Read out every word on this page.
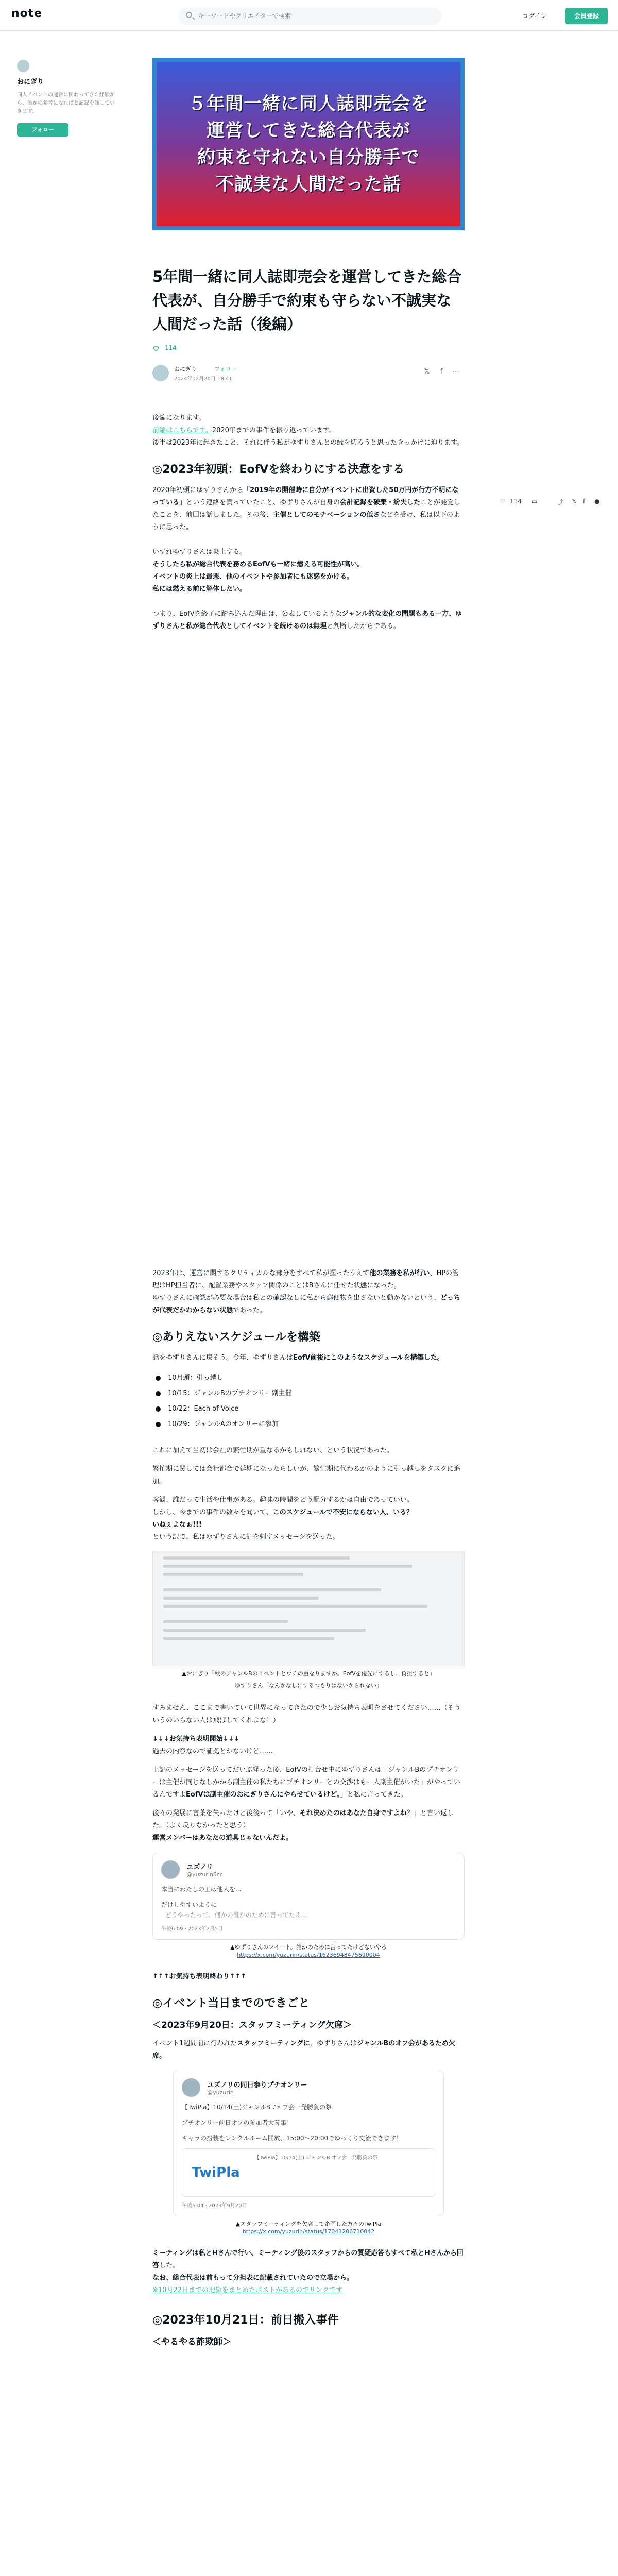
note
キーワードやクリエイターで検索	ログイン	会員登録
おにぎり
同人イベントの運営に関わってきた経験から、誰かの参考になればと記録を残していきます。
フォロー
５年間一緒に同人誌即売会を
運営してきた総合代表が
約束を守れない自分勝手で
不誠実な人間だった話
5年間一緒に同人誌即売会を運営してきた総合代表が、自分勝手で約束も守らない不誠実な人間だった話（後編）
114
おにぎり	フォロー
2024年12月20日 18:41
𝕏	f	⋯
♡ 114 ▭	⤴ 𝕏 f ●

後編になります。

前編はこちらです。2020年までの事件を振り返っています。

後半は2023年に起きたこと、それに伴う私がゆずりさんとの縁を切ろうと思ったきっかけに迫ります。

◎2023年初頭：EofVを終わりにする決意をする

2020年初頭にゆずりさんから「2019年の開催時に自分がイベントに出資した50万円が行方不明になっている」という連絡を貰っていたこと、ゆずりさんが自身の会計記録を破棄・紛失したことが発覚したことを、前回は話しました。その後、主催としてのモチベーションの低さなどを受け、私は以下のように思った。

いずれゆずりさんは炎上する。

そうしたら私が総合代表を務めるEofVも一緒に燃える可能性が高い。

イベントの炎上は最悪、他のイベントや参加者にも迷惑をかける。

私には燃える前に解体したい。

つまり、EofVを終了に踏み込んだ理由は、公表しているようなジャンル的な変化の問題もある一方、ゆずりさんと私が総合代表としてイベントを続けるのは無理と判断したからである。

2023年は、運営に関するクリティカルな部分をすべて私が握ったうえで他の業務を私が行い、HPの管理はHP担当者に、配置業務やスタッフ関係のことはBさんに任せた状態になった。

ゆずりさんに確認が必要な場合は私との確認なしに私から郵便物を出さないと動かないという、どっちが代表だかわからない状態であった。

◎ありえないスケジュールを構築

話をゆずりさんに戻そう。今年、ゆずりさんはEofV前後にこのようなスケジュールを構築した。

10月頭：引っ越し
10/15：ジャンルBのプチオンリー副主催
10/22：Each of Voice
10/29：ジャンルAのオンリーに参加

これに加えて当初は会社の繁忙期が重なるかもしれない、という状況であった。

繁忙期に関しては会社都合で延期になったらしいが、繁忙期に代わるかのように引っ越しをタスクに追加。

客観、誰だって生活や仕事がある。趣味の時間をどう配分するかは自由であっていい。

しかし、今までの事件の数々を聞いて、このスケジュールで不安にならない人、いる？

いねぇよなぁ!!!

という訳で、私はゆずりさんに釘を刺すメッセージを送った。

▲おにぎり「秋のジャンルBのイベントとウチの重なりますか。EofVを優先にするし、負担すると」

ゆずりさん「なんかなしにするつもりはないかられない」

すみません、ここまで書いていて世界になってきたので少しお気持ち表明をさせてください……（そういうのいらない人は飛ばしてくれよな！）

↓↓↓お気持ち表明開始↓↓↓

過去の内容なので証拠とかないけど……

上記のメッセージを送ってだいぶ経った後、EofVの打合せ中にゆずりさんは「ジャンルBのプチオンリーは主催が同じなしかから副主催の私たちにプチオンリーとの交渉はもー人副主催がいた」がやっているんですよEofVは副主催のおにぎりさんにやらせているけど。」と私に言ってきた。

後々の発展に言葉を失ったけど後後って「いや、それ決めたのはあなた自身ですよね？」と言い返した。（よく反りなかったと思う）

運営メンバーはあなたの道具じゃないんだよ。

ユズノリ
@yuzurin8cc

本当にわたしの工は他人を...

だけしやすいように

どうやったって、何かの誰かのために言ってたえ...

午後6:09 · 2023年2月5日

▲ゆずりさんのツイート。誰かのために言ってたけどないやろ

https://x.com/yuzurin/status/16236948475690004

↑↑↑お気持ち表明終わり↑↑↑

◎イベント当日までのできごと
＜2023年9月20日：スタッフミーティング欠席＞

イベント1週間前に行われたスタッフミーティングに、ゆずりさんはジャンルBのオフ会があるため欠席。

ユズノリの同日参りプチオンリー
@yuzurin

【TwiPla】10/14(土)ジャンルB ♪オフ会一発勝負の祭

プチオンリー前日オフの参加者大募集！

キャラの扮装をレンタルルーム開放、15:00〜20:00でゆっくり交流できます！

TwiPla
【TwiPla】10/14(土) ジャンルB オフ会一発勝負の祭

午後6:04 · 2023年9月20日

▲スタッフミーティングを欠席して企画した方々のTwiPla

https://x.com/yuzurin/status/17041206710042

ミーティングは私とHさんで行い、ミーティング後のスタッフからの質疑応答もすべて私とHさんから回答した。

なお、総合代表は前もって分担表に記載されていたので立場から。

※10月22日までの地獄をまとめたポストがあるのでリンクです

◎2023年10月21日：前日搬入事件
＜やるやる詐欺師＞
